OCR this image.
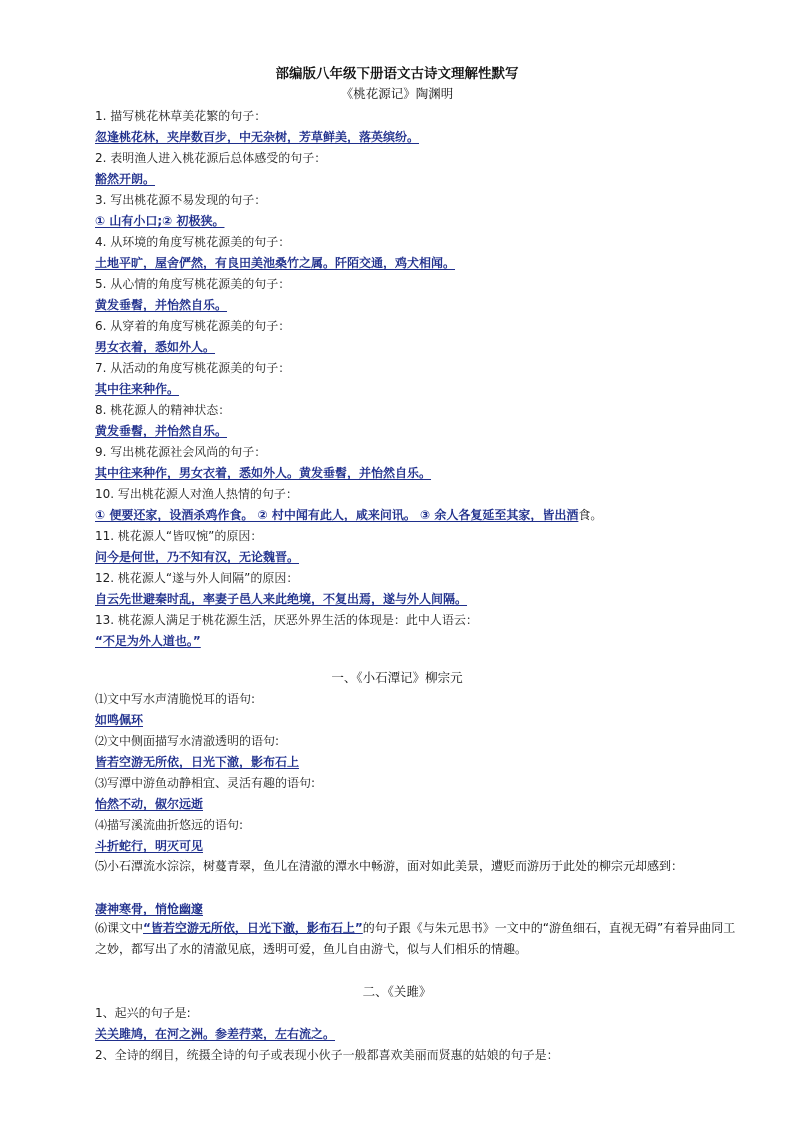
部编版八年级下册语文古诗文理解性默写
《桃花源记》陶渊明
1. 描写桃花林草美花繁的句子：
忽逢桃花林，夹岸数百步，中无杂树，芳草鲜美，落英缤纷。
2. 表明渔人进入桃花源后总体感受的句子：
豁然开朗。
3. 写出桃花源不易发现的句子：
① 山有小口;② 初极狭。
4. 从环境的角度写桃花源美的句子：
土地平旷，屋舍俨然，有良田美池桑竹之属。阡陌交通，鸡犬相闻。
5. 从心情的角度写桃花源美的句子：
黄发垂髫，并怡然自乐。
6. 从穿着的角度写桃花源美的句子：
男女衣着，悉如外人。
7. 从活动的角度写桃花源美的句子：
其中往来种作。
8. 桃花源人的精神状态：
黄发垂髫，并怡然自乐。
9. 写出桃花源社会风尚的句子：
其中往来种作，男女衣着，悉如外人。黄发垂髫，并怡然自乐。
10. 写出桃花源人对渔人热情的句子：
① 便要还家，设酒杀鸡作食。 ② 村中闻有此人，咸来问讯。 ③ 余人各复延至其家，皆出酒食。
11. 桃花源人“皆叹惋”的原因：
问今是何世，乃不知有汉，无论魏晋。
12. 桃花源人“遂与外人间隔”的原因：
自云先世避秦时乱，率妻子邑人来此绝境，不复出焉，遂与外人间隔。
13. 桃花源人满足于桃花源生活，厌恶外界生活的体现是：此中人语云：
“不足为外人道也。”
一、《小石潭记》柳宗元
⑴文中写水声清脆悦耳的语句:
如鸣佩环
⑵文中侧面描写水清澈透明的语句:
皆若空游无所依，日光下澈，影布石上
⑶写潭中游鱼动静相宜、灵活有趣的语句:
怡然不动，俶尔远逝
⑷描写溪流曲折悠远的语句:
斗折蛇行，明灭可见
⑸小石潭流水淙淙，树蔓青翠，鱼儿在清澈的潭水中畅游，面对如此美景，遭贬而游历于此处的柳宗元却感到：
凄神寒骨，悄怆幽邃
⑹课文中“皆若空游无所依，日光下澈，影布石上”的句子跟《与朱元思书》一文中的“游鱼细石，直视无碍”有着异曲同工之妙，都写出了水的清澈见底，透明可爱，鱼儿自由游弋，似与人们相乐的情趣。
二、《关雎》
1、起兴的句子是:
关关雎鸠，在河之洲。参差荇菜，左右流之。
2、全诗的纲目，统摄全诗的句子或表现小伙子一般都喜欢美丽而贤惠的姑娘的句子是：
